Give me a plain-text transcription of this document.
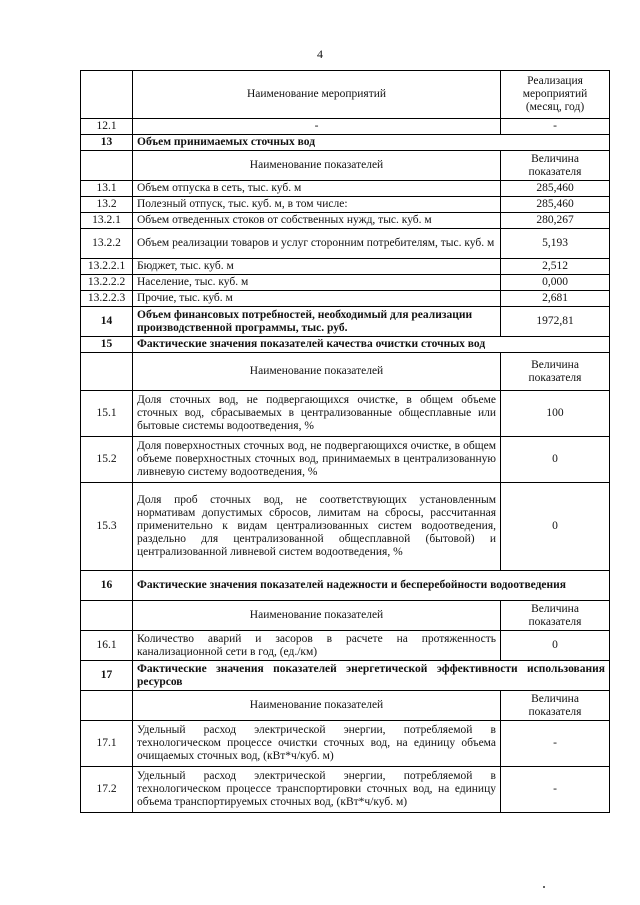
4
	Наименование мероприятий	Реализация мероприятий (месяц, год)
12.1	-	-
13	Объем принимаемых сточных вод	
	Наименование показателей	Величина показателя
13.1	Объем отпуска в сеть, тыс. куб. м	285,460
13.2	Полезный отпуск, тыс. куб. м, в том числе:	285,460
13.2.1	Объем отведенных стоков от собственных нужд, тыс. куб. м	280,267
13.2.2	Объем реализации товаров и услуг сторонним потребителям, тыс. куб. м	5,193
13.2.2.1	Бюджет, тыс. куб. м	2,512
13.2.2.2	Население, тыс. куб. м	0,000
13.2.2.3	Прочие, тыс. куб. м	2,681
14	Объем финансовых потребностей, необходимый для реализации производственной программы, тыс. руб.	1972,81
15	Фактические значения показателей качества очистки сточных вод	
	Наименование показателей	Величина показателя
15.1	Доля сточных вод, не подвергающихся очистке, в общем объеме сточных вод, сбрасываемых в централизованные общесплавные или бытовые системы водоотведения, %	100
15.2	Доля поверхностных сточных вод, не подвергающихся очистке, в общем объеме поверхностных сточных вод, принимаемых в централизованную ливневую систему водоотведения, %	0
15.3	Доля проб сточных вод, не соответствующих установленным нормативам допустимых сбросов, лимитам на сбросы, рассчитанная применительно к видам централизованных систем водоотведения, раздельно для централизованной общесплавной (бытовой) и централизованной ливневой систем водоотведения, %	0
16	Фактические значения показателей надежности и бесперебойности водоотведения	
	Наименование показателей	Величина показателя
16.1	Количество аварий и засоров в расчете на протяженность канализационной сети в год, (ед./км)	0
17	Фактические значения показателей энергетической эффективности использования ресурсов	
	Наименование показателей	Величина показателя
17.1	Удельный расход электрической энергии, потребляемой в технологическом процессе очистки сточных вод, на единицу объема очищаемых сточных вод, (кВт*ч/куб. м)	-
17.2	Удельный расход электрической энергии, потребляемой в технологическом процессе транспортировки сточных вод, на единицу объема транспортируемых сточных вод, (кВт*ч/куб. м)	-
